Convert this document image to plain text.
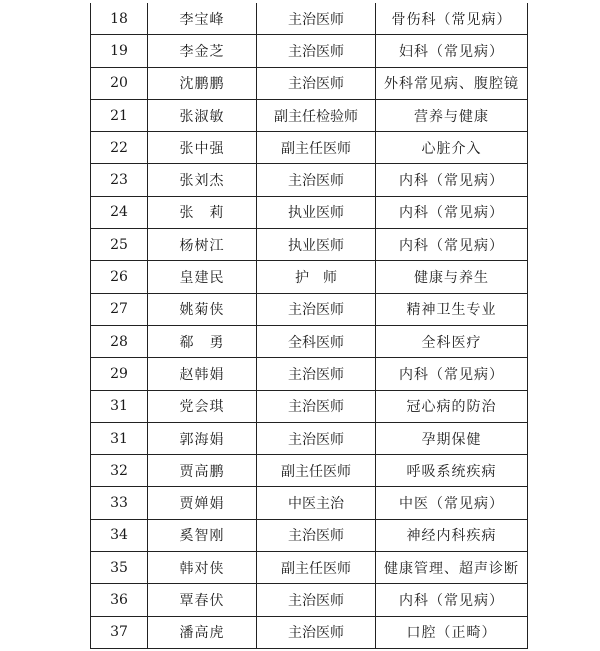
18	李宝峰	主治医师	骨伤科（常见病）
19	李金芝	主治医师	妇科（常见病）
20	沈鹏鹏	主治医师	外科常见病、腹腔镜
21	张淑敏	副主任检验师	营养与健康
22	张中强	副主任医师	心脏介入
23	张刘杰	主治医师	内科（常见病）
24	张　莉	执业医师	内科（常见病）
25	杨树江	执业医师	内科（常见病）
26	皇建民	护　师	健康与养生
27	姚菊侠	主治医师	精神卫生专业
28	郗　勇	全科医师	全科医疗
29	赵韩娟	主治医师	内科（常见病）
31	党会琪	主治医师	冠心病的防治
31	郭海娟	主治医师	孕期保健
32	贾高鹏	副主任医师	呼吸系统疾病
33	贾婵娟	中医主治	中医（常见病）
34	奚智刚	主治医师	神经内科疾病
35	韩对侠	副主任医师	健康管理、超声诊断
36	覃春伏	主治医师	内科（常见病）
37	潘高虎	主治医师	口腔（正畸）
